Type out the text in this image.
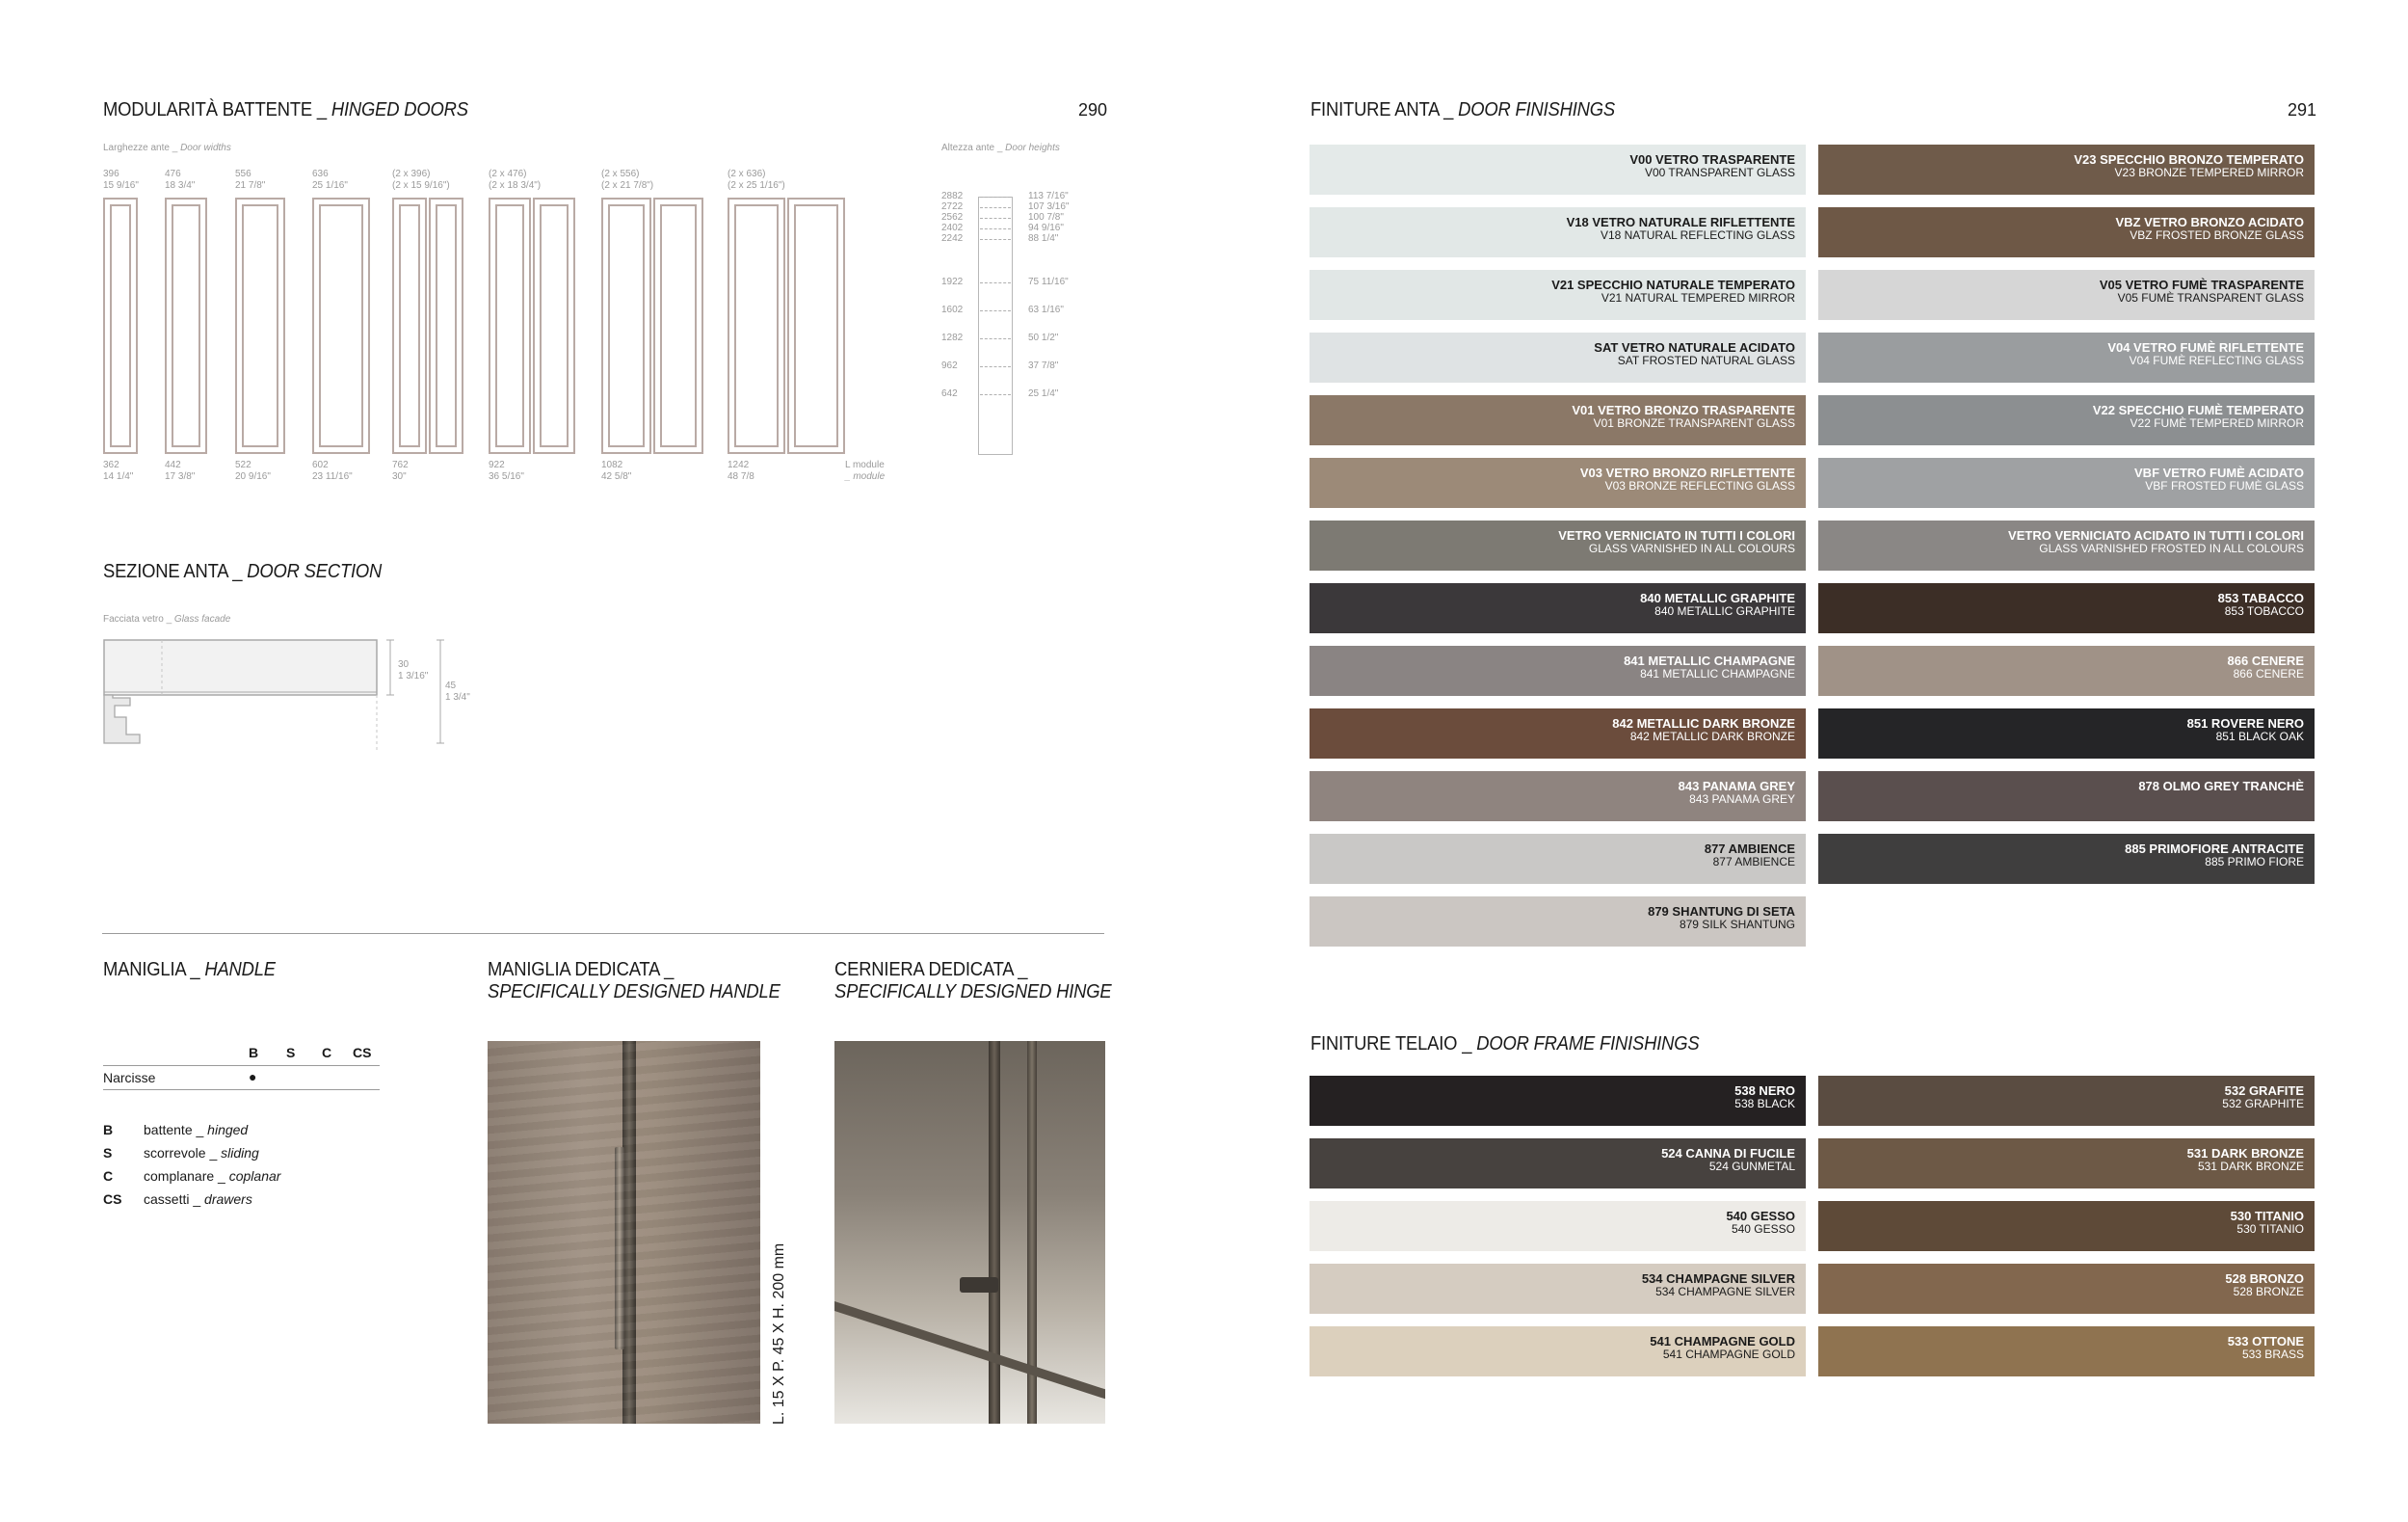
MODULARITÀ BATTENTE _ HINGED DOORS	290
Larghezze ante _ Door widths	Altezza ante _ Door heights
396
15 9/16"
476
18 3/4"
556
21 7/8"
636
25 1/16"
(2 x 396)
(2 x 15 9/16")
(2 x 476)
(2 x 18 3/4")
(2 x 556)
(2 x 21 7/8")
(2 x 636)
(2 x 25 1/16")
362
14 1/4"
442
17 3/8"
522
20 9/16"
602
23 11/16"
762
30"
922
36 5/16"
1082
42 5/8"
1242
48 7/8
L module
_ module
2882	113 7/16"
2722	107 3/16"
2562	100 7/8"
2402	94 9/16"
2242	88 1/4"
1922	75 11/16"
1602	63 1/16"
1282	50 1/2"
962	37 7/8"
642	25 1/4"
SEZIONE ANTA _ DOOR SECTION
Facciata vetro _ Glass facade
30
1 3/16"
45
1 3/4"
MANIGLIA _ HANDLE
B S C CS
Narcisse	●
B battente _ hinged
S scorrevole _ sliding
C complanare _ coplanar
CS cassetti _ drawers
MANIGLIA DEDICATA _
SPECIFICALLY DESIGNED HANDLE
L. 15 X P. 45 X H. 200 mm
CERNIERA DEDICATA _
SPECIFICALLY DESIGNED HINGE
FINITURE ANTA _ DOOR FINISHINGS	291
V00 VETRO TRASPARENTE
V00 TRANSPARENT GLASS
V18 VETRO NATURALE RIFLETTENTE
V18 NATURAL REFLECTING GLASS
V21 SPECCHIO NATURALE TEMPERATO
V21 NATURAL TEMPERED MIRROR
SAT VETRO NATURALE ACIDATO
SAT FROSTED NATURAL GLASS
V01 VETRO BRONZO TRASPARENTE
V01 BRONZE TRANSPARENT GLASS
V03 VETRO BRONZO RIFLETTENTE
V03 BRONZE REFLECTING GLASS
VETRO VERNICIATO IN TUTTI I COLORI
GLASS VARNISHED IN ALL COLOURS
840 METALLIC GRAPHITE
840 METALLIC GRAPHITE
841 METALLIC CHAMPAGNE
841 METALLIC CHAMPAGNE
842 METALLIC DARK BRONZE
842 METALLIC DARK BRONZE
843 PANAMA GREY
843 PANAMA GREY
877 AMBIENCE
877 AMBIENCE
879 SHANTUNG DI SETA
879 SILK SHANTUNG
V23 SPECCHIO BRONZO TEMPERATO
V23 BRONZE TEMPERED MIRROR
VBZ VETRO BRONZO ACIDATO
VBZ FROSTED BRONZE GLASS
V05 VETRO FUMÈ TRASPARENTE
V05 FUMÈ TRANSPARENT GLASS
V04 VETRO FUMÈ RIFLETTENTE
V04 FUMÈ REFLECTING GLASS
V22 SPECCHIO FUMÈ TEMPERATO
V22 FUMÈ TEMPERED MIRROR
VBF VETRO FUMÈ ACIDATO
VBF FROSTED FUMÈ GLASS
VETRO VERNICIATO ACIDATO IN TUTTI I COLORI
GLASS VARNISHED FROSTED IN ALL COLOURS
853 TABACCO
853 TOBACCO
866 CENERE
866 CENERE
851 ROVERE NERO
851 BLACK OAK
878 OLMO GREY TRANCHÈ
885 PRIMOFIORE ANTRACITE
885 PRIMO FIORE
FINITURE TELAIO _ DOOR FRAME FINISHINGS
538 NERO
538 BLACK
524 CANNA DI FUCILE
524 GUNMETAL
540 GESSO
540 GESSO
534 CHAMPAGNE SILVER
534 CHAMPAGNE SILVER
541 CHAMPAGNE GOLD
541 CHAMPAGNE GOLD
532 GRAFITE
532 GRAPHITE
531 DARK BRONZE
531 DARK BRONZE
530 TITANIO
530 TITANIO
528 BRONZO
528 BRONZE
533 OTTONE
533 BRASS
